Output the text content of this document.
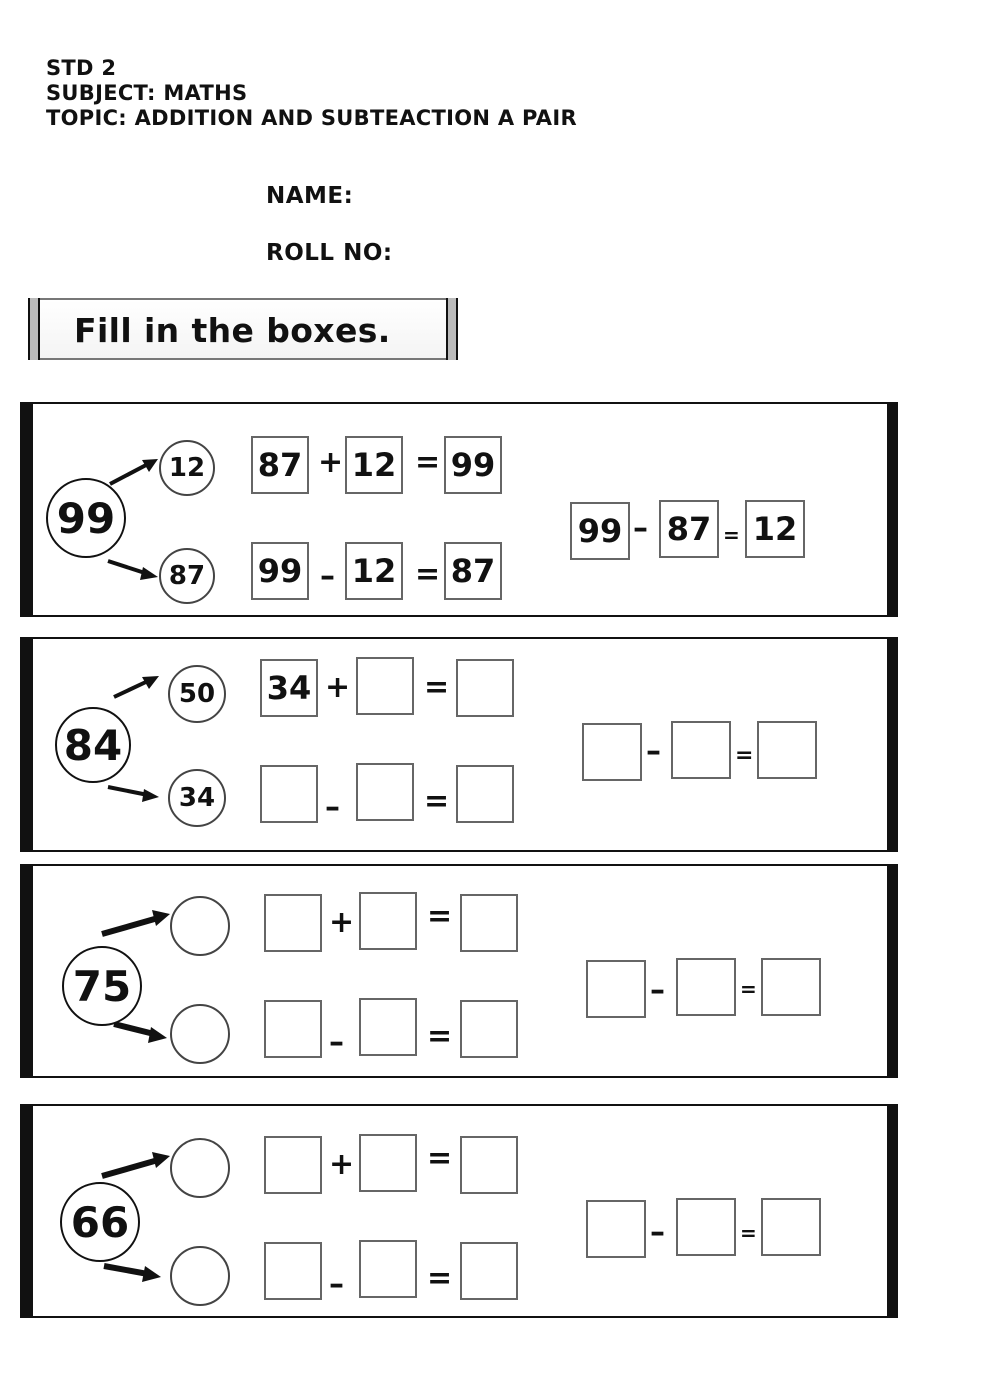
STD 2
SUBJECT: MATHS
TOPIC: ADDITION AND SUBTEACTION A PAIR
NAME:
ROLL NO:
Fill in the boxes.
99
12
87
87 + 12 = 99
99 – 12 = 87
99 – 87 = 12
84
50
34
34 + =
–	=
–	=
75
+ =
–	=
–	=
66
+ =
–	=
–	=
